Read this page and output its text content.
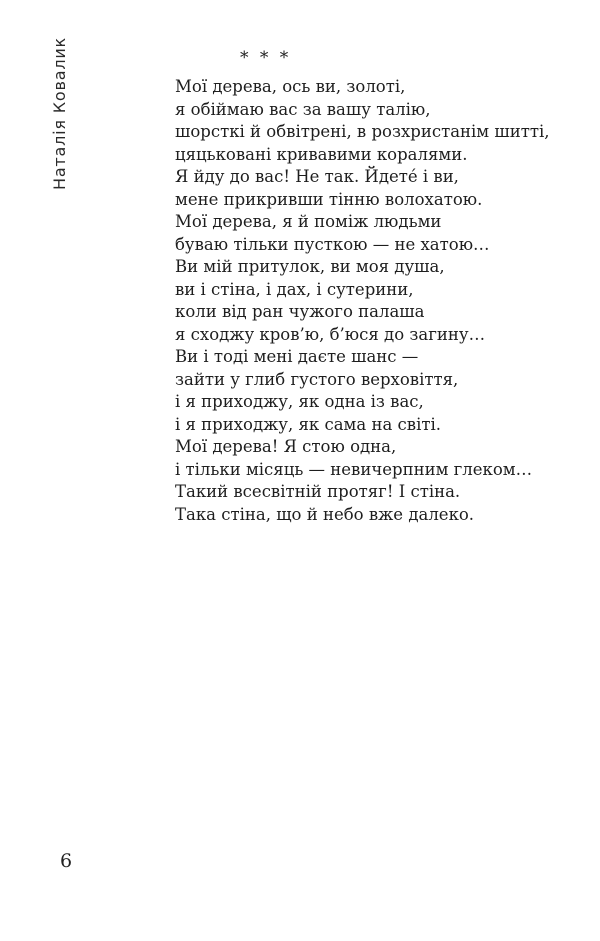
Наталія Ковалик	* * *
Мої дерева, ось ви, золоті,
я обіймаю вас за вашу талію,
шорсткі й обвітрені, в розхристанім шитті,
цяцьковані кривавими коралями.
Я йду до вас! Не так. Йдете́ і ви,
мене прикривши тінню волохатою.
Мої дерева, я й поміж людьми
буваю тільки пусткою — не хатою…
Ви мій притулок, ви моя душа,
ви і стіна, і дах, і сутерини,
коли від ран чужого палаша
я сходжу кров’ю, б’юся до загину…
Ви і тоді мені даєте шанс —
зайти у глиб густого верховіття,
і я приходжу, як одна із вас,
і я приходжу, як сама на світі.
Мої дерева! Я стою одна,
і тільки місяць — невичерпним глеком…
Такий всесвітній протяг! І стіна.
Така стіна, що й небо вже далеко.
6
